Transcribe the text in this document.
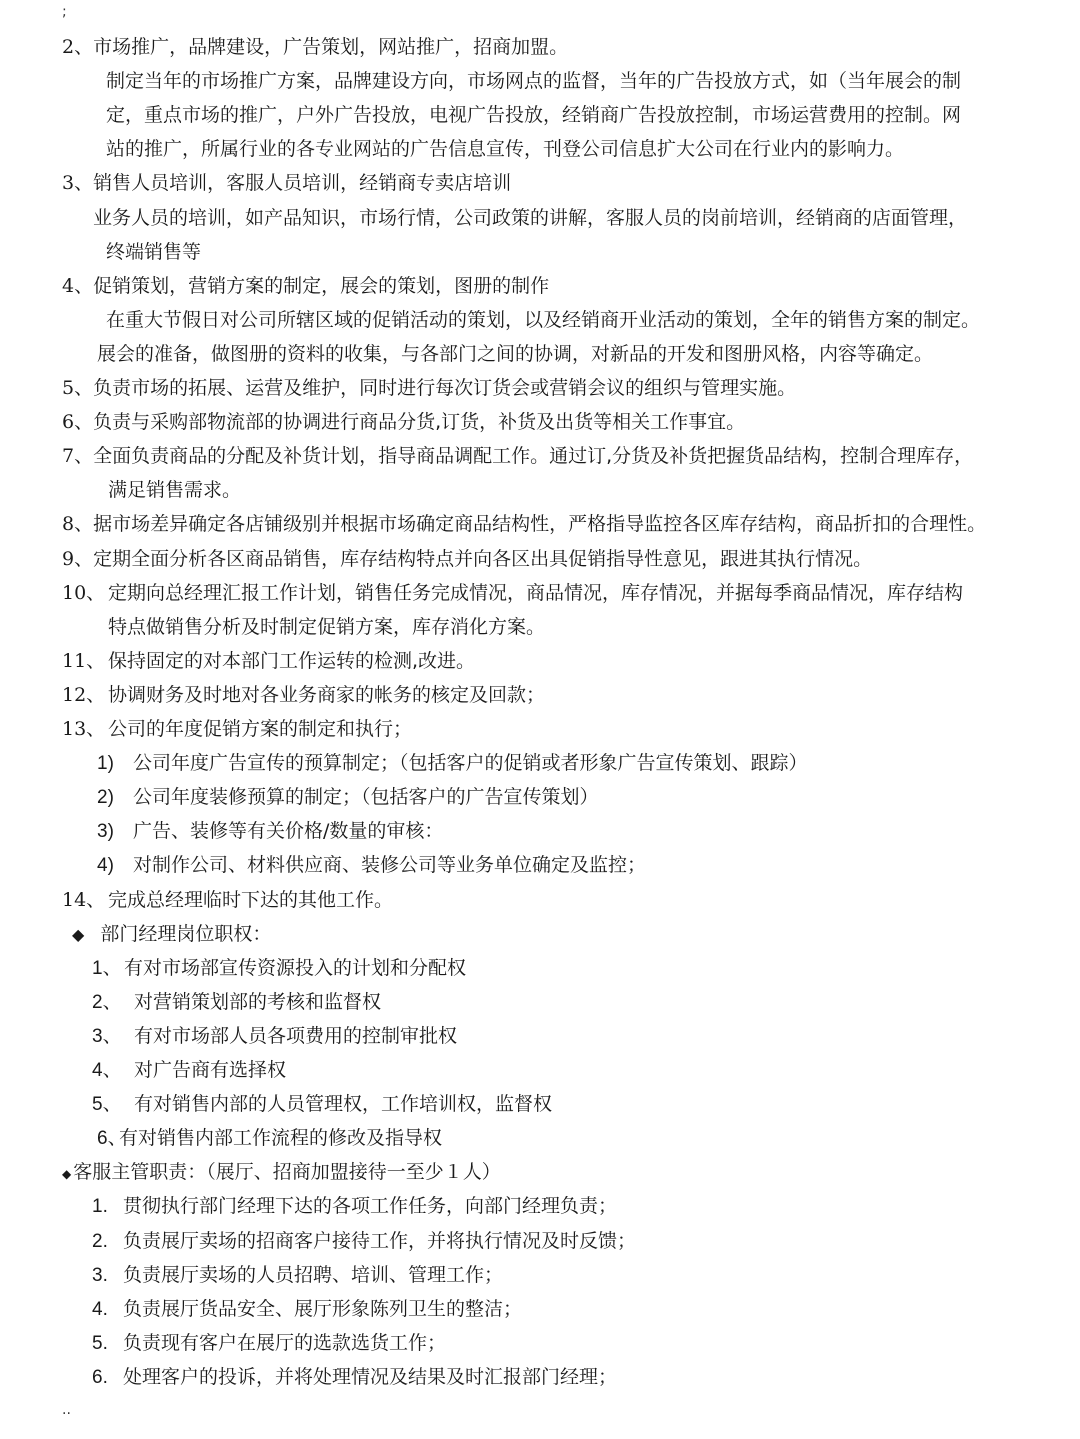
;
2、市场推广，品牌建设，广告策划，网站推广，招商加盟。
制定当年的市场推广方案，品牌建设方向，市场网点的监督，当年的广告投放方式，如（当年展会的制
定，重点市场的推广，户外广告投放，电视广告投放，经销商广告投放控制，市场运营费用的控制。网
站的推广，所属行业的各专业网站的广告信息宣传，刊登公司信息扩大公司在行业内的影响力。
3、销售人员培训，客服人员培训，经销商专卖店培训
业务人员的培训，如产品知识，市场行情，公司政策的讲解，客服人员的岗前培训，经销商的店面管理，
终端销售等
4、促销策划，营销方案的制定，展会的策划，图册的制作
在重大节假日对公司所辖区域的促销活动的策划，以及经销商开业活动的策划，全年的销售方案的制定。
展会的准备，做图册的资料的收集，与各部门之间的协调，对新品的开发和图册风格，内容等确定。
5、负责市场的拓展、运营及维护，同时进行每次订货会或营销会议的组织与管理实施。
6、负责与采购部物流部的协调进行商品分货,订货，补货及出货等相关工作事宜。
7、全面负责商品的分配及补货计划，指导商品调配工作。通过订,分货及补货把握货品结构，控制合理库存，
满足销售需求。
8、据市场差异确定各店铺级别并根据市场确定商品结构性，严格指导监控各区库存结构，商品折扣的合理性。
9、定期全面分析各区商品销售，库存结构特点并向各区出具促销指导性意见，跟进其执行情况。
10、 定期向总经理汇报工作计划，销售任务完成情况，商品情况，库存情况，并据每季商品情况，库存结构
特点做销售分析及时制定促销方案，库存消化方案。
11、 保持固定的对本部门工作运转的检测,改进。
12、 协调财务及时地对各业务商家的帐务的核定及回款；
13、 公司的年度促销方案的制定和执行；
1) 公司年度广告宣传的预算制定；（包括客户的促销或者形象广告宣传策划、跟踪）
2) 公司年度装修预算的制定；（包括客户的广告宣传策划）
3) 广告、装修等有关价格/数量的审核：
4) 对制作公司、材料供应商、装修公司等业务单位确定及监控；
14、 完成总经理临时下达的其他工作。
◆ 部门经理岗位职权：
1、 有对市场部宣传资源投入的计划和分配权
2、 对营销策划部的考核和监督权
3、 有对市场部人员各项费用的控制审批权
4、 对广告商有选择权
5、 有对销售内部的人员管理权，工作培训权，监督权
6、有对销售内部工作流程的修改及指导权
◆ 客服主管职责：（展厅、招商加盟接待一至少１人）
1. 贯彻执行部门经理下达的各项工作任务，向部门经理负责；
2. 负责展厅卖场的招商客户接待工作，并将执行情况及时反馈；
3. 负责展厅卖场的人员招聘、培训、管理工作；
4. 负责展厅货品安全、展厅形象陈列卫生的整洁；
5. 负责现有客户在展厅的选款选货工作；
6. 处理客户的投诉，并将处理情况及结果及时汇报部门经理；
..
